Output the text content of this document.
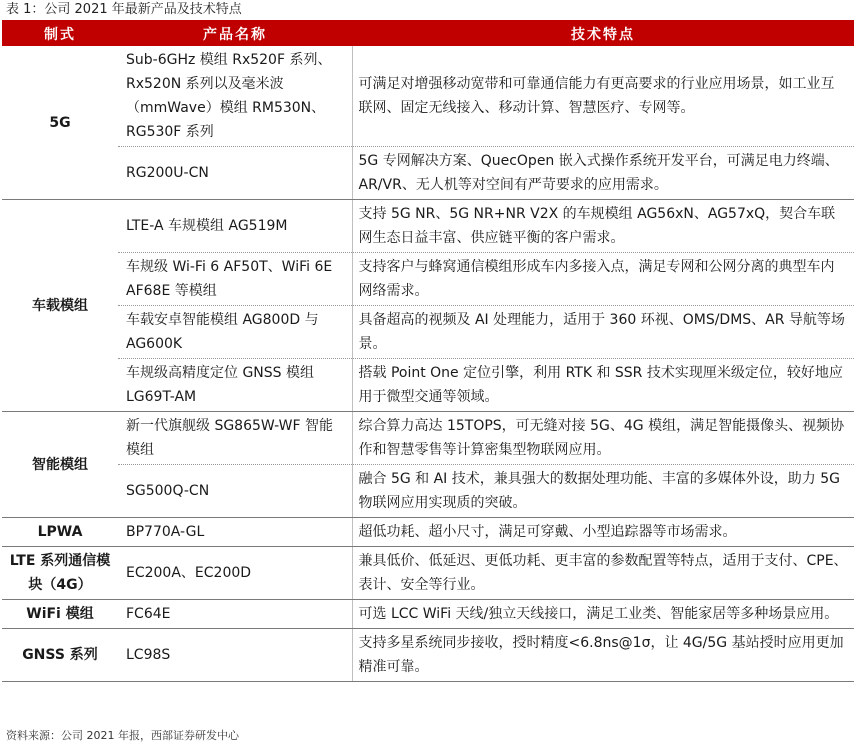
表 1：公司 2021 年最新产品及技术特点
制式	产品名称	技术特点
5G	Sub-6GHz 模组 Rx520F 系列、Rx520N 系列以及毫米波（mmWave）模组 RM530N、RG530F 系列	可满足对增强移动宽带和可靠通信能力有更高要求的行业应用场景，如工业互联网、固定无线接入、移动计算、智慧医疗、专网等。
	RG200U-CN	5G 专网解决方案、QuecOpen 嵌入式操作系统开发平台，可满足电力终端、AR/VR、无人机等对空间有严苛要求的应用需求。
车载模组	LTE-A 车规模组 AG519M	支持 5G NR、5G NR+NR V2X 的车规模组 AG56xN、AG57xQ，契合车联网生态日益丰富、供应链平衡的客户需求。
	车规级 Wi-Fi 6 AF50T、WiFi 6E AF68E 等模组	支持客户与蜂窝通信模组形成车内多接入点，满足专网和公网分离的典型车内网络需求。
	车载安卓智能模组 AG800D 与 AG600K	具备超高的视频及 AI 处理能力，适用于 360 环视、OMS/DMS、AR 导航等场景。
	车规级高精度定位 GNSS 模组 LG69T-AM	搭载 Point One 定位引擎，利用 RTK 和 SSR 技术实现厘米级定位，较好地应用于微型交通等领域。
智能模组	新一代旗舰级 SG865W-WF 智能模组	综合算力高达 15TOPS，可无缝对接 5G、4G 模组，满足智能摄像头、视频协作和智慧零售等计算密集型物联网应用。
	SG500Q-CN	融合 5G 和 AI 技术，兼具强大的数据处理功能、丰富的多媒体外设，助力 5G 物联网应用实现质的突破。
LPWA	BP770A-GL	超低功耗、超小尺寸，满足可穿戴、小型追踪器等市场需求。
LTE 系列通信模块（4G）	EC200A、EC200D	兼具低价、低延迟、更低功耗、更丰富的参数配置等特点，适用于支付、CPE、表计、安全等行业。
WiFi 模组	FC64E	可选 LCC WiFi 天线/独立天线接口，满足工业类、智能家居等多种场景应用。
GNSS 系列	LC98S	支持多星系统同步接收，授时精度<6.8ns@1σ，让 4G/5G 基站授时应用更加精准可靠。
资料来源：公司 2021 年报，西部证券研发中心
